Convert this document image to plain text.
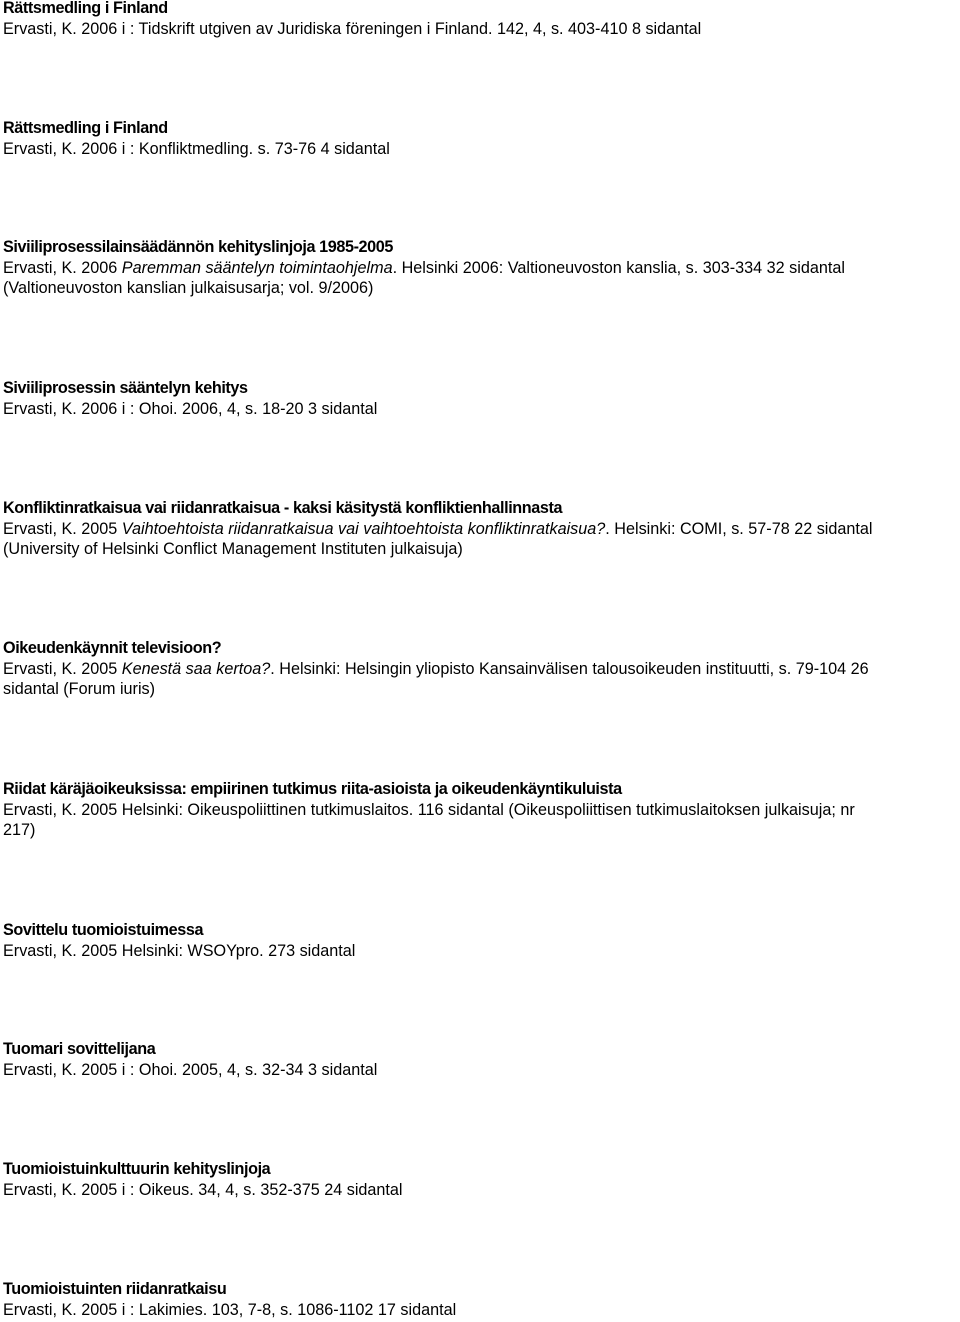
Rättsmedling i Finland
Ervasti, K. 2006 i : Tidskrift utgiven av Juridiska föreningen i Finland. 142, 4, s. 403-410 8 sidantal
Rättsmedling i Finland
Ervasti, K. 2006 i : Konfliktmedling. s. 73-76 4 sidantal
Siviiliprosessilainsäädännön kehityslinjoja 1985-2005
Ervasti, K. 2006 Paremman sääntelyn toimintaohjelma. Helsinki 2006: Valtioneuvoston kanslia, s. 303-334 32 sidantal
(Valtioneuvoston kanslian julkaisusarja; vol. 9/2006)
Siviiliprosessin sääntelyn kehitys
Ervasti, K. 2006 i : Ohoi. 2006, 4, s. 18-20 3 sidantal
Konfliktinratkaisua vai riidanratkaisua - kaksi käsitystä konfliktienhallinnasta
Ervasti, K. 2005 Vaihtoehtoista riidanratkaisua vai vaihtoehtoista konfliktinratkaisua?. Helsinki: COMI, s. 57-78 22 sidantal
(University of Helsinki Conflict Management Instituten julkaisuja)
Oikeudenkäynnit televisioon?
Ervasti, K. 2005 Kenestä saa kertoa?. Helsinki: Helsingin yliopisto Kansainvälisen talousoikeuden instituutti, s. 79-104 26
sidantal (Forum iuris)
Riidat käräjäoikeuksissa: empiirinen tutkimus riita-asioista ja oikeudenkäyntikuluista
Ervasti, K. 2005 Helsinki: Oikeuspoliittinen tutkimuslaitos. 116 sidantal (Oikeuspoliittisen tutkimuslaitoksen julkaisuja; nr
217)
Sovittelu tuomioistuimessa
Ervasti, K. 2005 Helsinki: WSOYpro. 273 sidantal
Tuomari sovittelijana
Ervasti, K. 2005 i : Ohoi. 2005, 4, s. 32-34 3 sidantal
Tuomioistuinkulttuurin kehityslinjoja
Ervasti, K. 2005 i : Oikeus. 34, 4, s. 352-375 24 sidantal
Tuomioistuinten riidanratkaisu
Ervasti, K. 2005 i : Lakimies. 103, 7-8, s. 1086-1102 17 sidantal
